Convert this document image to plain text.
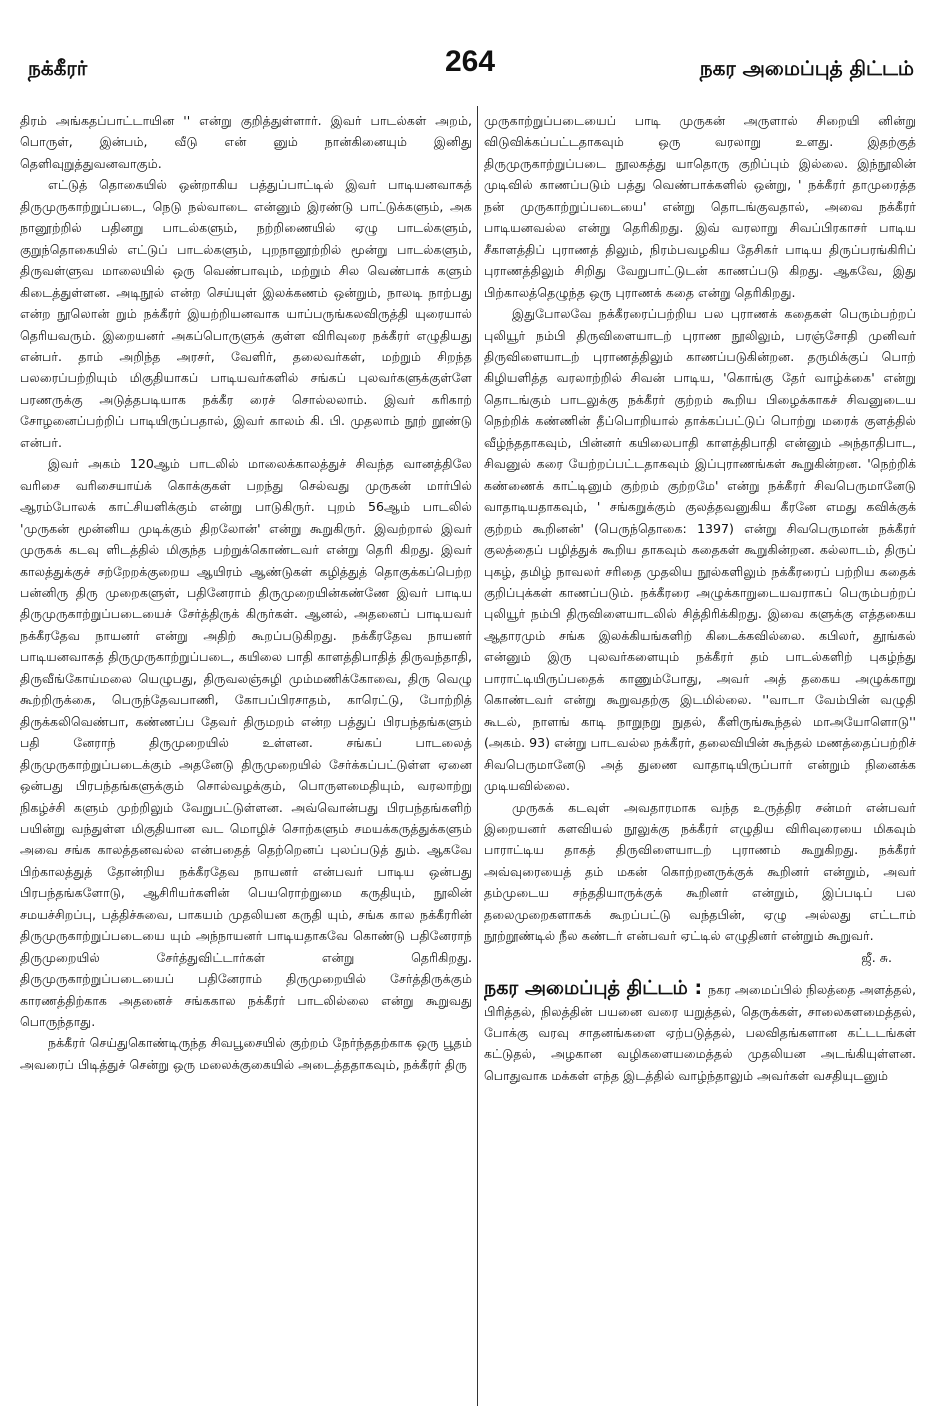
நக்கீரர்	264	நகர அமைப்புத் திட்டம்

திரம் அங்கதப்பாட்டாயின '' என்று குறித்துள்ளார். இவர் பாடல்கள் அறம், பொருள், இன்பம், வீடு என் னும் நான்கினையும் இனிது தெளிவுறுத்துவனவாகும்.

எட்டுத் தொகையில் ஒன்றாகிய பத்துப்பாட்டில் இவர் பாடியனவாகத் திருமுருகாற்றுப்படை, நெடு நல்வாடை என்னும் இரண்டு பாட்டுக்களும், அக நானூற்றில் பதினறு பாடல்களும், நற்றிணையில் ஏழு பாடல்களும், குறுந்தொகையில் எட்டுப் பாடல்களும், புறநானூற்றில் மூன்று பாடல்களும், திருவள்ளுவ மாலையில் ஒரு வெண்பாவும், மற்றும் சில வெண்பாக் களும் கிடைத்துள்ளன. அடிநூல் என்ற செய்யுள் இலக்கணம் ஒன்றும், நாலடி நாற்பது என்ற நூலொன் றும் நக்கீரர் இயற்றியனவாக யாப்பருங்கலவிருத்தி யுரையால் தெரியவரும். இறையனர் அகப்பொருளுக் குள்ள விரிவுரை நக்கீரர் எழுதியது என்பர். தாம் அறிந்த அரசர், வேளிர், தலைவர்கள், மற்றும் சிறந்த பலரைப்பற்றியும் மிகுதியாகப் பாடியவர்களில் சங்கப் புலவர்களுக்குள்ளே பரணருக்கு அடுத்தபடியாக நக்கீர ரைச் சொல்லலாம். இவர் கரிகாற் சோழனைப்பற்றிப் பாடியிருப்பதால், இவர் காலம் கி. பி. முதலாம் நூற் றூண்டு என்பர்.

இவர் அகம் 120ஆம் பாடலில் மாலைக்காலத்துச் சிவந்த வானத்திலே வரிசை வரிசையாய்க் கொக்குகள் பறந்து செல்வது முருகன் மார்பில் ஆரம்போலக் காட்சியளிக்கும் என்று பாடுகிருர். புறம் 56ஆம் பாடலில் 'முருகன் மூன்னிய முடிக்கும் திறலோன்' என்று கூறுகிருர். இவற்றால் இவர் முருகக் கடவு ளிடத்தில் மிகுந்த பற்றுக்கொண்டவர் என்று தெரி கிறது. இவர் காலத்துக்குச் சற்றேறக்குறைய ஆயிரம் ஆண்டுகள் கழித்துத் தொகுக்கப்பெற்ற பன்னிரு திரு முறைகளுள், பதினேராம் திருமுறையின்கண்ணே இவர் பாடிய திருமுருகாற்றுப்படையைச் சேர்த்திருக் கிருர்கள். ஆனல், அதனைப் பாடியவர் நக்கீரதேவ நாயனர் என்று அதிற் கூறப்படுகிறது. நக்கீரதேவ நாயனர் பாடியனவாகத் திருமுருகாற்றுப்படை, கயிலை பாதி காளத்திபாதித் திருவந்தாதி, திருவீங்கோய்மலை யெழுபது, திருவலஞ்சுழி மும்மணிக்கோவை, திரு வெழு கூற்றிருக்கை, பெருந்தேவபாணி, கோபப்பிரசாதம், காரெட்டு, போற்றித் திருக்கலிவெண்பா, கண்ணப்ப தேவர் திருமறம் என்ற பத்துப் பிரபந்தங்களும் பதி னேராந் திருமுறையில் உள்ளன. சங்கப் பாடலைத் திருமுருகாற்றுப்படைக்கும் அதனேடு திருமுறையில் சேர்க்கப்பட்டுள்ள ஏனை ஒன்பது பிரபந்தங்களுக்கும் சொல்வழக்கும், பொருளமைதியும், வரலாற்று நிகழ்ச்சி களும் முற்றிலும் வேறுபட்டுள்ளன. அவ்வொன்பது பிரபந்தங்களிற் பயின்று வந்துள்ள மிகுதியான வட மொழிச் சொற்களும் சமயக்கருத்துக்களும் அவை சங்க காலத்தனவல்ல என்பதைத் தெற்றெனப் புலப்படுத் தும். ஆகவே பிற்காலத்துத் தோன்றிய நக்கீரதேவ நாயனர் என்பவர் பாடிய ஒன்பது பிரபந்தங்களோடு, ஆசிரியர்களின் பெயரொற்றுமை கருதியும், நூலின் சமயச்சிறப்பு, பத்திச்சுவை, பாகயம் முதலியன கருதி யும், சங்க கால நக்கீரரின் திருமுருகாற்றுப்படையை யும் அந்நாயனர் பாடியதாகவே கொண்டு பதினேராந் திருமுறையில் சேர்த்துவிட்டார்கள் என்று தெரிகிறது. திருமுருகாற்றுப்படையைப் பதினேராம் திருமுறையில் சேர்த்திருக்கும் காரணத்திற்காக அதனைச் சங்ககால நக்கீரர் பாடலில்லை என்று கூறுவது பொருந்தாது.

நக்கீரர் செய்துகொண்டிருந்த சிவபூசையில் குற்றம் நேர்ந்ததற்காக ஒரு பூதம் அவரைப் பிடித்துச் சென்று ஒரு மலைக்குகையில் அடைத்ததாகவும், நக்கீரர் திரு

முருகாற்றுப்படையைப் பாடி முருகன் அருளால் சிறையி னின்று விடுவிக்கப்பட்டதாகவும் ஒரு வரலாறு உளது. இதற்குத் திருமுருகாற்றுப்படை நூலகத்து யாதொரு குறிப்பும் இல்லை. இந்நூலின் முடிவில் காணப்படும் பத்து வெண்பாக்களில் ஒன்று, ' நக்கீரர் தாமுரைத்த நன் முருகாற்றுப்படையை' என்று தொடங்குவதால், அவை நக்கீரர் பாடியனவல்ல என்று தெரிகிறது. இவ் வரலாறு சிவப்பிரகாசர் பாடிய சீகாளத்திப் புராணத் திலும், நிரம்பவழகிய தேசிகர் பாடிய திருப்பரங்கிரிப் புராணத்திலும் சிறிது வேறுபாட்டுடன் காணப்படு கிறது. ஆகவே, இது பிற்காலத்தெழுந்த ஒரு புராணக் கதை என்று தெரிகிறது.

இதுபோலவே நக்கீரரைப்பற்றிய பல புராணக் கதைகள் பெரும்பற்றப் புலியூர் நம்பி திருவிளையாடற் புராண நூலிலும், பரஞ்சோதி முனிவர் திருவிளையாடற் புராணத்திலும் காணப்படுகின்றன. தருமிக்குப் பொற் கிழியளித்த வரலாற்றில் சிவன் பாடிய, 'கொங்கு தேர் வாழ்க்கை' என்று தொடங்கும் பாடலுக்கு நக்கீரர் குற்றம் கூறிய பிழைக்காகச் சிவனுடைய நெற்றிக் கண்ணின் தீப்பொறியால் தாக்கப்பட்டுப் பொற்று மரைக் குளத்தில் வீழ்ந்ததாகவும், பின்னர் கயிலைபாதி காளத்திபாதி என்னும் அந்தாதிபாட, சிவனுல் கரை யேற்றப்பட்டதாகவும் இப்புராணங்கள் கூறுகின்றன. 'நெற்றிக் கண்ணைக் காட்டினும் குற்றம் குற்றமே' என்று நக்கீரர் சிவபெருமானேடு வாதாடியதாகவும், ' சங்கறுக்கும் குலத்தவனுகிய கீரனே எமது கவிக்குக் குற்றம் கூறினன்' (பெருந்தொகை: 1397) என்று சிவபெருமான் நக்கீரர் குலத்தைப் பழித்துக் கூறிய தாகவும் கதைகள் கூறுகின்றன. கல்லாடம், திருப் புகழ், தமிழ் நாவலர் சரிதை முதலிய நூல்களிலும் நக்கீரரைப் பற்றிய கதைக் குறிப்புக்கள் காணப்படும். நக்கீரரை அழுக்காறுடையவராகப் பெரும்பற்றப் புலியூர் நம்பி திருவிளையாடலில் சித்திரிக்கிறது. இவை களுக்கு எத்தகைய ஆதாரமும் சங்க இலக்கியங்களிற் கிடைக்கவில்லை. கபிலர், தூங்கல் என்னும் இரு புலவர்களையும் நக்கீரர் தம் பாடல்களிற் புகழ்ந்து பாராட்டியிருப்பதைக் காணும்போது, அவர் அத் தகைய அழுக்காறு கொண்டவர் என்று கூறுவதற்கு இடமில்லை. ''வாடா வேம்பின் வழுதி கூடல், நாளங் காடி நாறுநறு நுதல், கீளிருங்கூந்தல் மாஅயோளொடு'' (அகம். 93) என்று பாடவல்ல நக்கீரர், தலைவியின் கூந்தல் மணத்தைப்பற்றிச் சிவபெருமானேடு அத் துணை வாதாடியிருப்பார் என்றும் நினைக்க முடியவில்லை.

முருகக் கடவுள் அவதாரமாக வந்த உருத்திர சன்மர் என்பவர் இறையனர் களவியல் நூலுக்கு நக்கீரர் எழுதிய விரிவுரையை மிகவும் பாராட்டிய தாகத் திருவிளையாடற் புராணம் கூறுகிறது. நக்கீரர் அவ்வுரையைத் தம் மகன் கொற்றனருக்குக் கூறினர் என்றும், அவர் தம்முடைய சந்ததியாருக்குக் கூறினர் என்றும், இப்படிப் பல தலைமுறைகளாகக் கூறப்பட்டு வந்தபின், ஏழு அல்லது எட்டாம் நூற்றூண்டில் நீல கண்டர் என்பவர் ஏட்டில் எழுதினர் என்றும் கூறுவர்.

ஜீ. சு.

நகர அமைப்புத் திட்டம் : நகர அமைப்பில் நிலத்தை அளத்தல், பிரித்தல், நிலத்தின் பயனை வரை யறுத்தல், தெருக்கள், சாலைகளமைத்தல், போக்கு வரவு சாதனங்களை ஏற்படுத்தல், பலவிதங்களான கட்டடங்கள் கட்டுதல், அழகான வழிகளையமைத்தல் முதலியன அடங்கியுள்ளன. பொதுவாக மக்கள் எந்த இடத்தில் வாழ்ந்தாலும் அவர்கள் வசதியுடனும்
